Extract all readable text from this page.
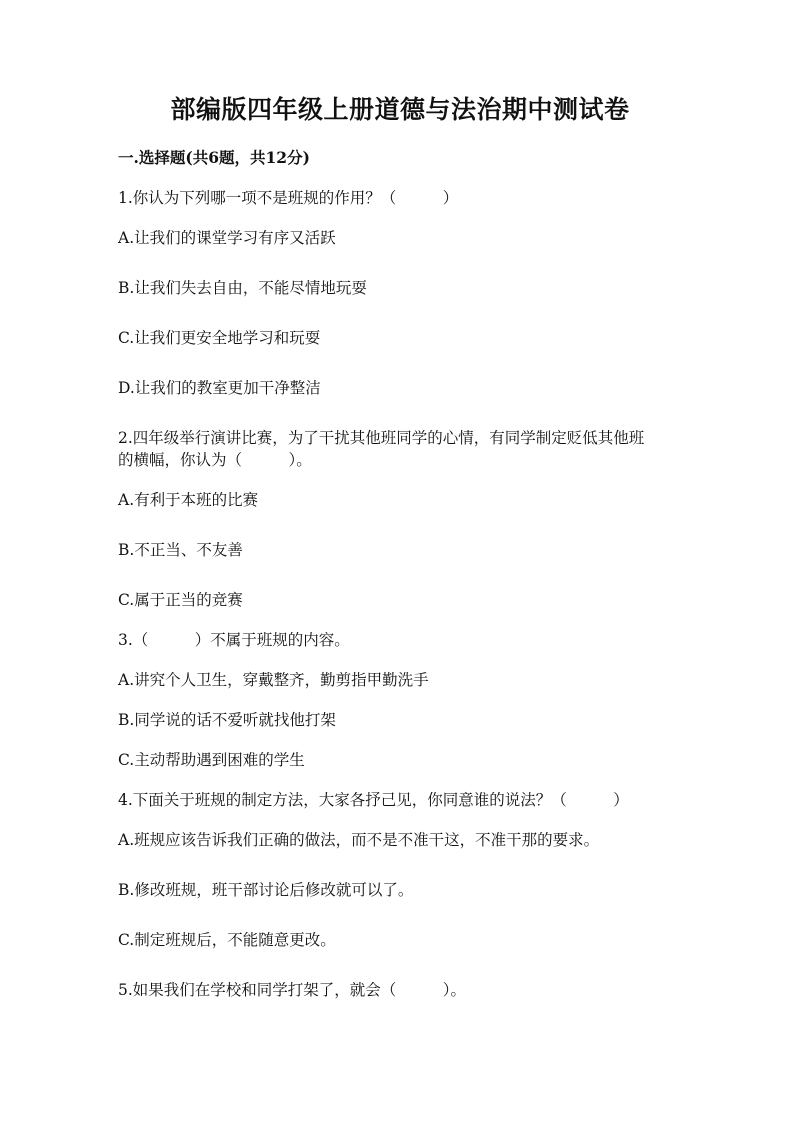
部编版四年级上册道德与法治期中测试卷
一.选择题(共6题，共12分)
1.你认为下列哪一项不是班规的作用？（　　　）
A.让我们的课堂学习有序又活跃
B.让我们失去自由，不能尽情地玩耍
C.让我们更安全地学习和玩耍
D.让我们的教室更加干净整洁
2.四年级举行演讲比赛，为了干扰其他班同学的心情，有同学制定贬低其他班
的横幅，你认为（　　　）。
A.有利于本班的比赛
B.不正当、不友善
C.属于正当的竞赛
3.（　　　）不属于班规的内容。
A.讲究个人卫生，穿戴整齐，勤剪指甲勤洗手
B.同学说的话不爱听就找他打架
C.主动帮助遇到困难的学生
4.下面关于班规的制定方法，大家各抒己见，你同意谁的说法？（　　　）
A.班规应该告诉我们正确的做法，而不是不准干这，不准干那的要求。
B.修改班规，班干部讨论后修改就可以了。
C.制定班规后，不能随意更改。
5.如果我们在学校和同学打架了，就会（　　　）。
